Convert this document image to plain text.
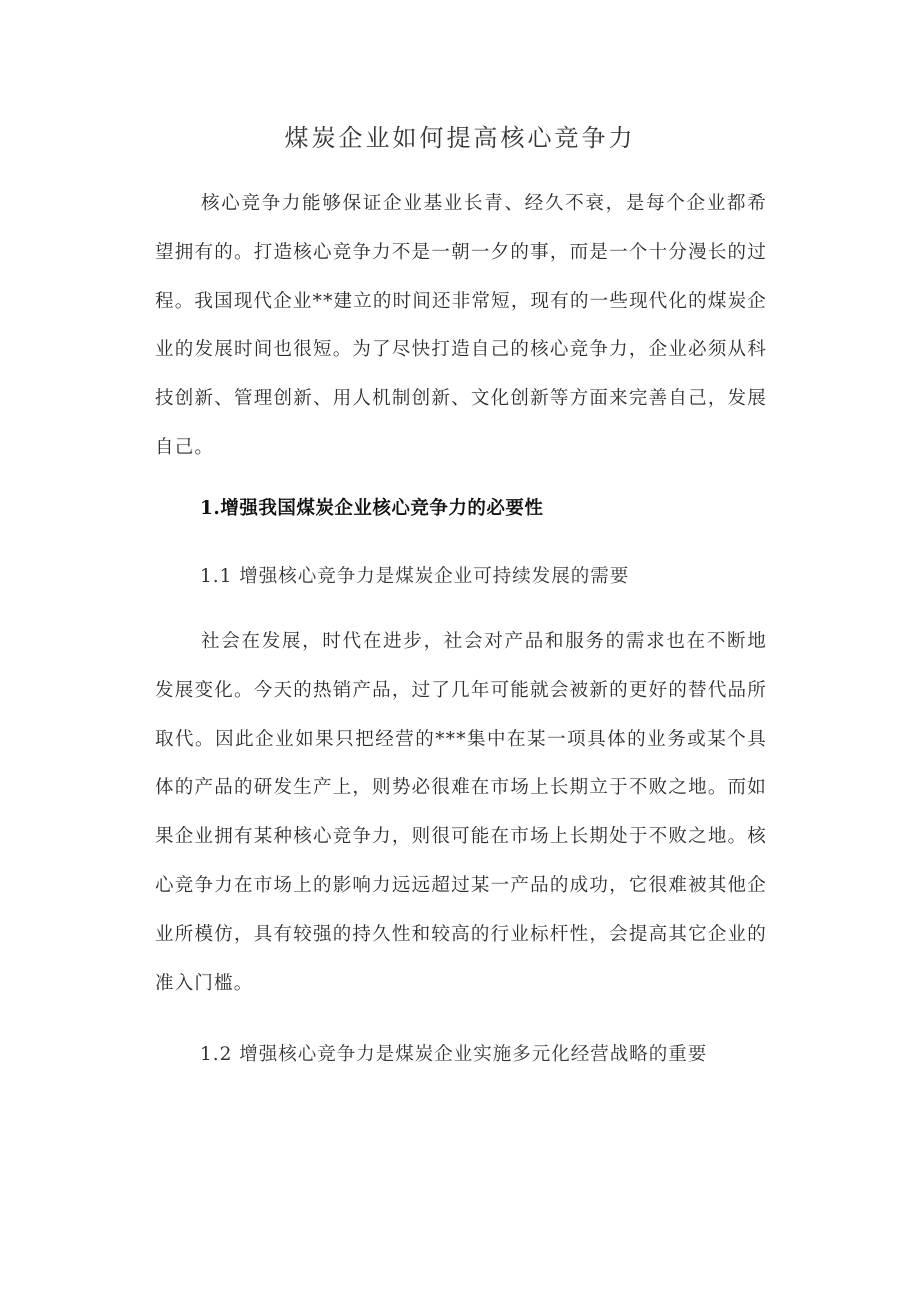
煤炭企业如何提高核心竞争力

核心竞争力能够保证企业基业长青、经久不衰，是每个企业都希望拥有的。打造核心竞争力不是一朝一夕的事，而是一个十分漫长的过程。我国现代企业**建立的时间还非常短，现有的一些现代化的煤炭企业的发展时间也很短。为了尽快打造自己的核心竞争力，企业必须从科技创新、管理创新、用人机制创新、文化创新等方面来完善自己，发展自己。

1.增强我国煤炭企业核心竞争力的必要性
1.1 增强核心竞争力是煤炭企业可持续发展的需要

社会在发展，时代在进步，社会对产品和服务的需求也在不断地发展变化。今天的热销产品，过了几年可能就会被新的更好的替代品所取代。因此企业如果只把经营的***集中在某一项具体的业务或某个具体的产品的研发生产上，则势必很难在市场上长期立于不败之地。而如果企业拥有某种核心竞争力，则很可能在市场上长期处于不败之地。核心竞争力在市场上的影响力远远超过某一产品的成功，它很难被其他企业所模仿，具有较强的持久性和较高的行业标杆性，会提高其它企业的准入门槛。

1.2 增强核心竞争力是煤炭企业实施多元化经营战略的重要
